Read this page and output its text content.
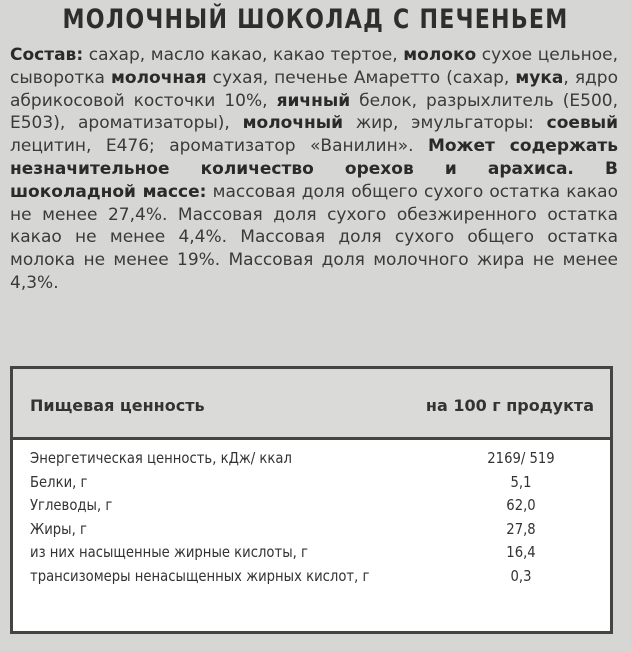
МОЛОЧНЫЙ ШОКОЛАД С ПЕЧЕНЬЕМ

Состав: сахар, масло какао, какао тертое, молоко сухое цельное, сыворотка молочная сухая, печенье Амаретто (сахар, мука, ядро абрикосовой косточки 10%, яичный белок, разрыхлитель (Е500, Е503), ароматизаторы), молочный жир, эмульгаторы: соевый лецитин, Е476; ароматизатор «Ванилин». Может содержать незначительное количество орехов и арахиса. В шоколадной массе: массовая доля общего сухого остатка какао не менее 27,4%. Массовая доля сухого обезжиренного остатка какао не менее 4,4%. Массовая доля сухого общего остатка молока не менее 19%. Массовая доля молочного жира не менее 4,3%.

Пищевая ценность	на 100 г продукта
Энергетическая ценность, кДж/ ккал	2169/ 519
Белки, г	5,1
Углеводы, г	62,0
Жиры, г	27,8
из них насыщенные жирные кислоты, г	16,4
трансизомеры ненасыщенных жирных кислот, г	0,3
